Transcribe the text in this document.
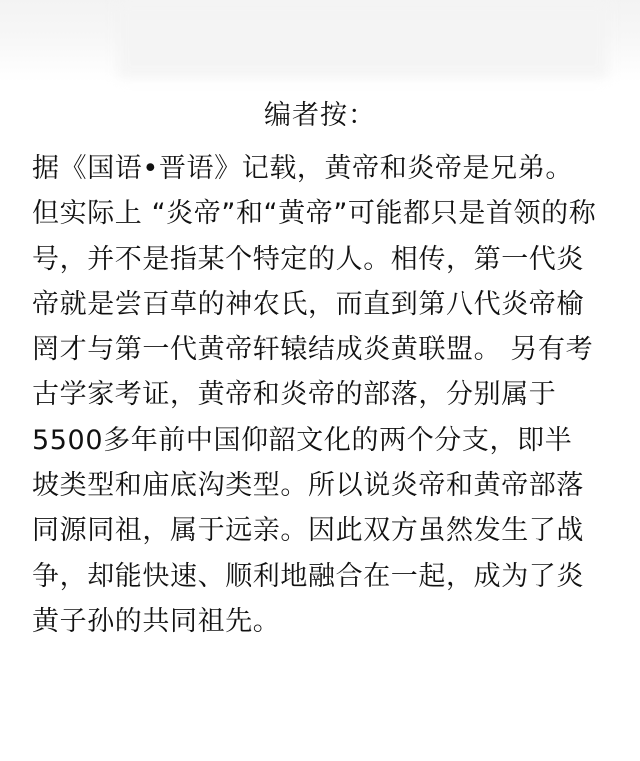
编者按：
据《国语•晋语》记载，黄帝和炎帝是兄弟。
但实际上 “炎帝”和“黄帝”可能都只是首领的称
号，并不是指某个特定的人。相传，第一代炎
帝就是尝百草的神农氏，而直到第八代炎帝榆
罔才与第一代黄帝轩辕结成炎黄联盟。 另有考
古学家考证，黄帝和炎帝的部落，分别属于
5500多年前中国仰韶文化的两个分支，即半
坡类型和庙底沟类型。所以说炎帝和黄帝部落
同源同祖，属于远亲。因此双方虽然发生了战
争，却能快速、顺利地融合在一起，成为了炎
黄子孙的共同祖先。
